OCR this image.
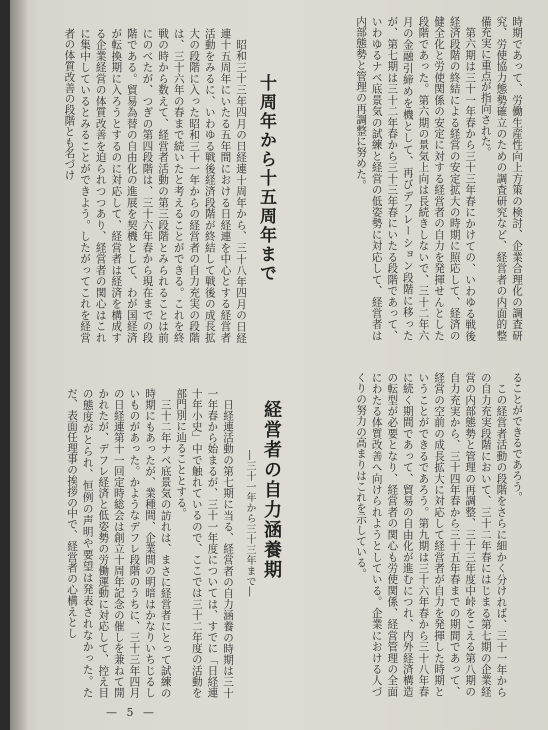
時期であって、労働生産性向上方策の検討、企業合理化の調査研究、労使協力態勢確立のための調査研究など、経営者の内面的整備充実に重点が指向された。

第六期は三十一年春から三十三年春にかけての、いわゆる戦後経済段階の終結による経営の安定拡大の時期に照応して、経済の健全化と労使関係の安定に対する経営者の自力を発揮せんとした段階であった。第六期の景気上向は長続きしないで、三十二年六月の金融引締めを機として、再びデフレーション段階に移ったが、第七期は三十二年春から三十三年春にいたる段階であって、いわゆるナベ底景気の試練と経営の低姿勢に対応して、経営者は内部態勢と管理の再調整に努めた。

十周年から十五周年まで

昭和三十三年四月の日経連十周年から、三十八年四月の日経連十五周年にいたる五年間における日経連を中心とする経営者活動をみるに、いわゆる戦後経済段階が終結して戦後の成長拡大の段階に入った昭和三十一年からの経営者の自力充実の段階は、三十六年の春まで続いたと考えることができる。これを終戦の時から数えて、経営者活動の第三段階とみられることは前にのべたが、つぎの第四段階は、三十六年春から現在までの段階である。貿易為替の自由化の進展を契機として、わが国経済が転換期に入ろうとするのに対応して、経営者は経済を構成する企業経営の体質改善を迫られつつあり、経営者の関心はこれに集中しているとみることができよう。したがってこれを経営者の体質改善の段階とも名づけ

ることができるであろう。

この経営者活動の段階をさらに細かく分ければ、三十一年からの自力充実段階において、三十二年春にはじまる第七期の企業経営の内部態勢と管理の再調整、三十三年度中峠をこえる第八期の自力充実から、三十四年春から三十五年春までの期間であって、経営の空前の成長拡大に対応して経営者が自力を発揮した時期ということができるであろう。第九期は三十六年春から三十八年春に続く期間であって、貿易の自由化が進むにつれ、内外経済構造の転型が必要となり、経営者の関心も労使関係、経営管理の全面にわたる体質改善へ向けられようとしている。企業における人づくりの努力の高まりはこれを示している。

経営者の自力涵養期
―三十一年から三十三年まで―

日経連活動の第七期に当る、経営者の自力涵養の時期は三十一年春から始まるが、三十一年度については、すでに「日経連十年小史」中で触れているので、ここでは三十二年度の活動を部門別に辿ることとする。

三十二年ナベ底景気の訪れは、まさに経営者にとって試練の時期にもあったが、業種間、企業間の明暗はかなりいちじるしいものがあった。かようなデフレ段階のうちに、三十三年四月の日経連第十一回定時総会は創立十周年記念の催しを兼ねて開かれたが、デフレ経済と低姿勢の労働運動に対応して、控え目の態度がとられ、恒例の声明や要望は発表されなかった。ただ、表面任理事の挨拶の中で、経営者の心構えとし

— 5 —
